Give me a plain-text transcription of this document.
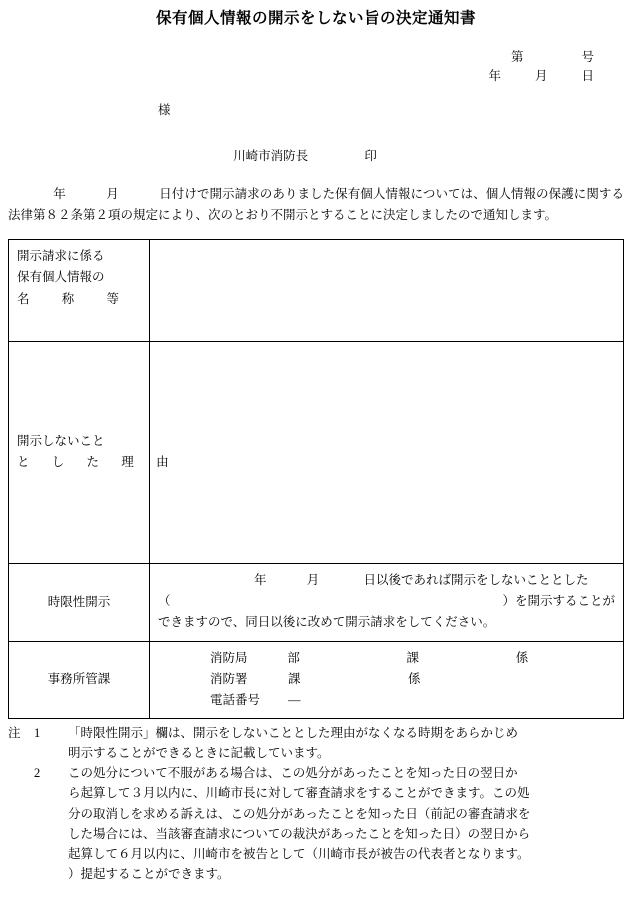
保有個人情報の開示をしない旨の決定通知書
第	号
年	月	日
様
川崎市消防長	印
年	月	日付けで開示請求のありました保有個人情報については、個人情報の保護に関する法律第８２条第２項の規定により、次のとおり不開示とすることに決定しましたので通知します。
開示請求に係る
保有個人情報の
名 称 等	

開示しないこと
と し た 理 由	

時限性開示	年 月 日以後であれば開示をしないこととした
（ ）を開示することが
できますので、同日以後に改めて開示請求をしてください。

事務所管課	
消防局	部	課	係
消防署	課	係
電話番号	―
注	1	「時限性開示」欄は、開示をしないこととした理由がなくなる時期をあらかじめ
明示することができるときに記載しています。
2	この処分について不服がある場合は、この処分があったことを知った日の翌日か
ら起算して３月以内に、川崎市長に対して審査請求をすることができます。この処
分の取消しを求める訴えは、この処分があったことを知った日（前記の審査請求を
した場合には、当該審査請求についての裁決があったことを知った日）の翌日から
起算して６月以内に、川崎市を被告として（川崎市長が被告の代表者となります。
）提起することができます。
